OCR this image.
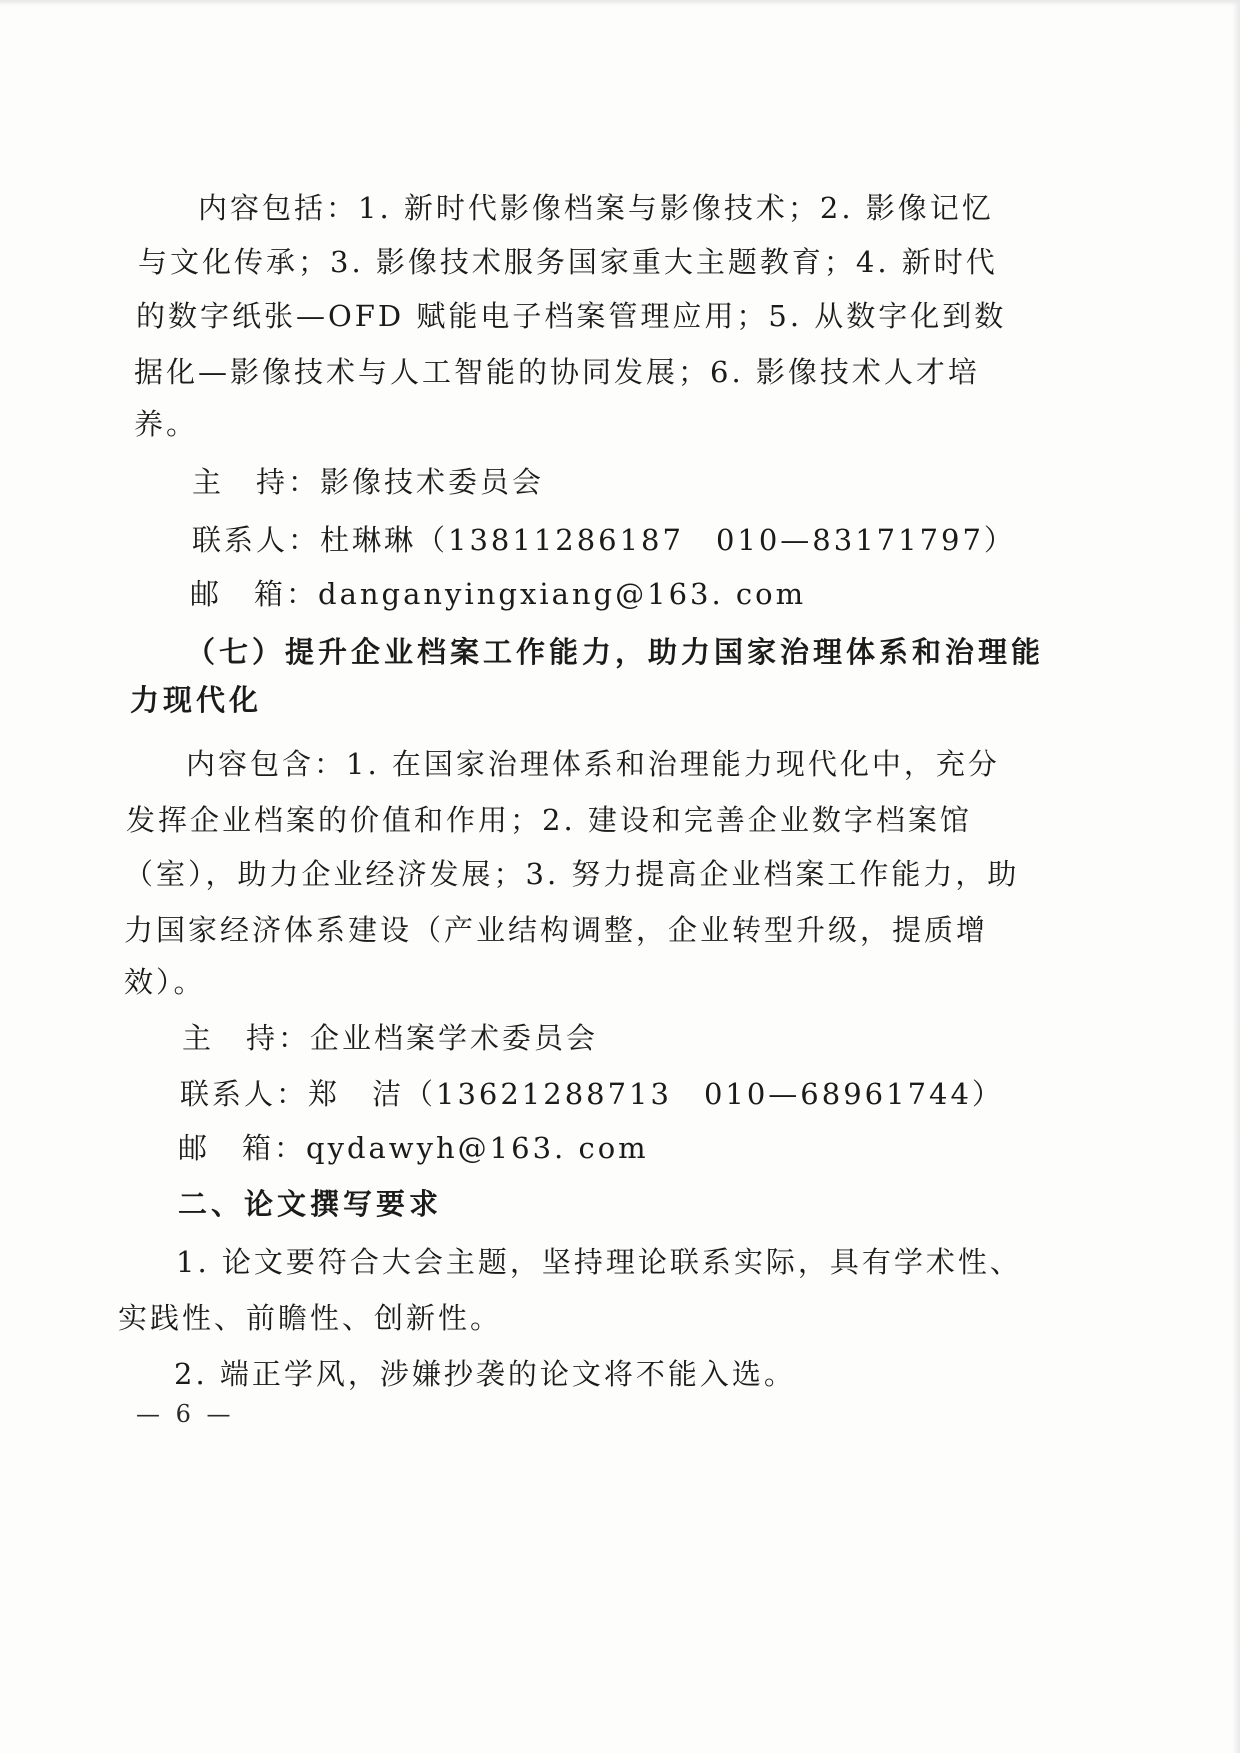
内容包括：1. 新时代影像档案与影像技术；2. 影像记忆
与文化传承；3. 影像技术服务国家重大主题教育；4. 新时代
的数字纸张—OFD 赋能电子档案管理应用；5. 从数字化到数
据化—影像技术与人工智能的协同发展；6. 影像技术人才培
养。
主　持：影像技术委员会
联系人：杜琳琳（13811286187　010—83171797）
邮　箱：danganyingxiang@163. com
（七）提升企业档案工作能力，助力国家治理体系和治理能
力现代化
内容包含：1. 在国家治理体系和治理能力现代化中，充分
发挥企业档案的价值和作用；2. 建设和完善企业数字档案馆
（室），助力企业经济发展；3. 努力提高企业档案工作能力，助
力国家经济体系建设（产业结构调整，企业转型升级，提质增
效）。
主　持：企业档案学术委员会
联系人：郑　洁（13621288713　010—68961744）
邮　箱：qydawyh@163. com
二、论文撰写要求
1. 论文要符合大会主题，坚持理论联系实际，具有学术性、
实践性、前瞻性、创新性。
2. 端正学风，涉嫌抄袭的论文将不能入选。
— 6 —
